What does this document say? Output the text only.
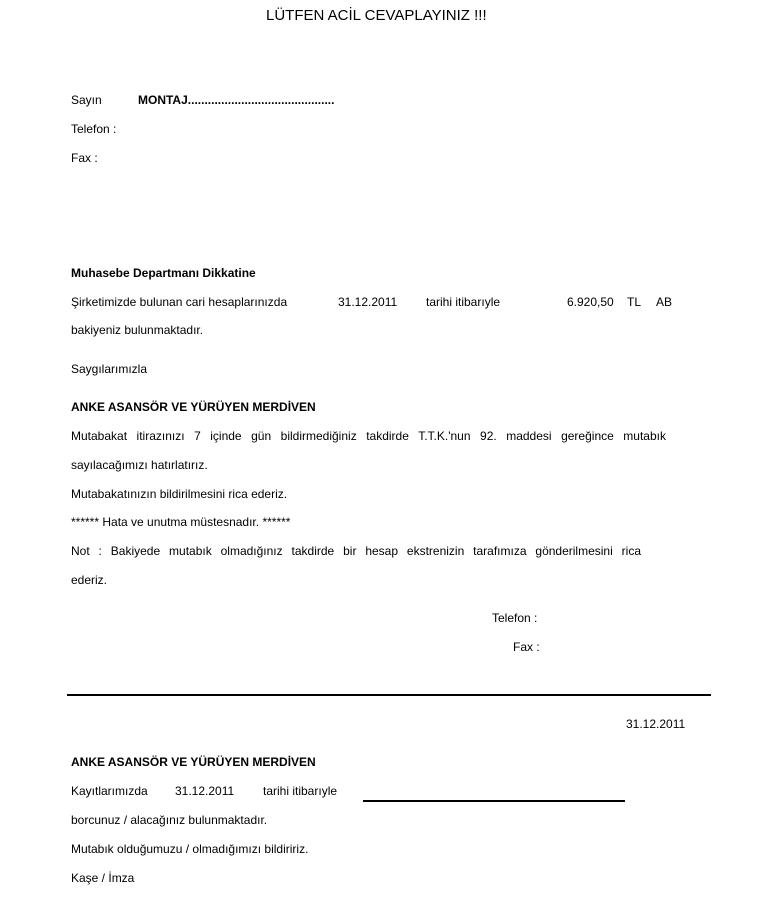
LÜTFEN ACİL CEVAPLAYINIZ !!!
Sayın	MONTAJ............................................
Telefon :
Fax :
Muhasebe Departmanı Dikkatine
Şirketimizde bulunan cari hesaplarınızda	31.12.2011 tarihi itibarıyle	6.920,50 TL AB
bakiyeniz bulunmaktadır.
Saygılarımızla
ANKE ASANSÖR VE YÜRÜYEN MERDİVEN
Mutabakat itirazınızı 7 içinde gün bildirmediğiniz takdirde T.T.K.'nun 92. maddesi gereğince mutabık
sayılacağımızı hatırlatırız.
Mutabakatınızın bildirilmesini rica ederiz.
****** Hata ve unutma müstesnadır. ******
Not : Bakiyede mutabık olmadığınız takdirde bir hesap ekstrenizin tarafımıza gönderilmesini rica
ederiz.
Telefon :
Fax :
31.12.2011
ANKE ASANSÖR VE YÜRÜYEN MERDİVEN
Kayıtlarımızda 31.12.2011 tarihi itibarıyle
borcunuz / alacağınız bulunmaktadır.
Mutabık olduğumuzu / olmadığımızı bildiririz.
Kaşe / İmza
